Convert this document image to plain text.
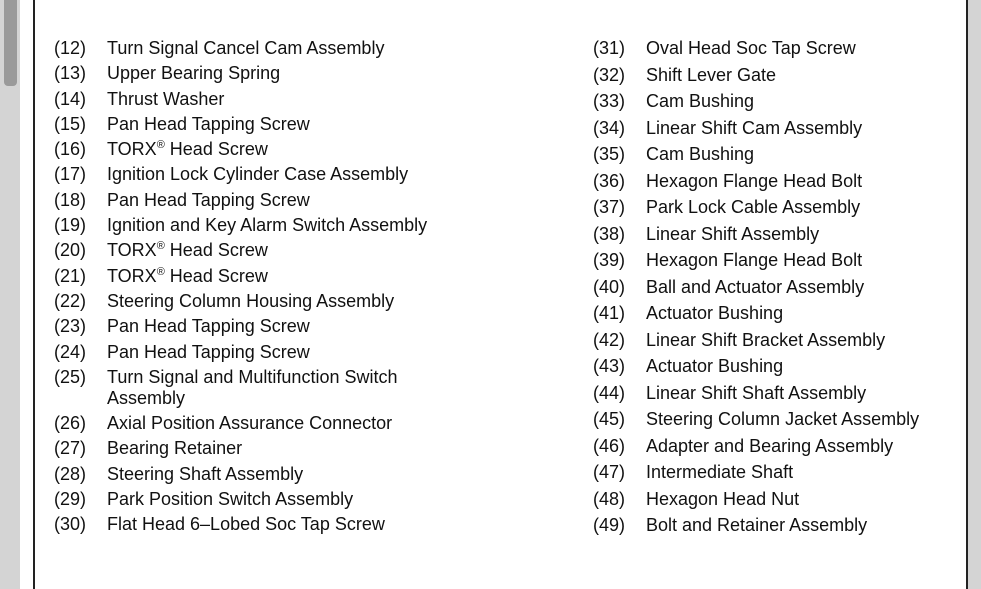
(12)	Turn Signal Cancel Cam Assembly
(13)	Upper Bearing Spring
(14)	Thrust Washer
(15)	Pan Head Tapping Screw
(16)	TORX® Head Screw
(17)	Ignition Lock Cylinder Case Assembly
(18)	Pan Head Tapping Screw
(19)	Ignition and Key Alarm Switch Assembly
(20)	TORX® Head Screw
(21)	TORX® Head Screw
(22)	Steering Column Housing Assembly
(23)	Pan Head Tapping Screw
(24)	Pan Head Tapping Screw
(25)	Turn Signal and Multifunction Switch
Assembly
(26)	Axial Position Assurance Connector
(27)	Bearing Retainer
(28)	Steering Shaft Assembly
(29)	Park Position Switch Assembly
(30)	Flat Head 6–Lobed Soc Tap Screw
(31)	Oval Head Soc Tap Screw
(32)	Shift Lever Gate
(33)	Cam Bushing
(34)	Linear Shift Cam Assembly
(35)	Cam Bushing
(36)	Hexagon Flange Head Bolt
(37)	Park Lock Cable Assembly
(38)	Linear Shift Assembly
(39)	Hexagon Flange Head Bolt
(40)	Ball and Actuator Assembly
(41)	Actuator Bushing
(42)	Linear Shift Bracket Assembly
(43)	Actuator Bushing
(44)	Linear Shift Shaft Assembly
(45)	Steering Column Jacket Assembly
(46)	Adapter and Bearing Assembly
(47)	Intermediate Shaft
(48)	Hexagon Head Nut
(49)	Bolt and Retainer Assembly
